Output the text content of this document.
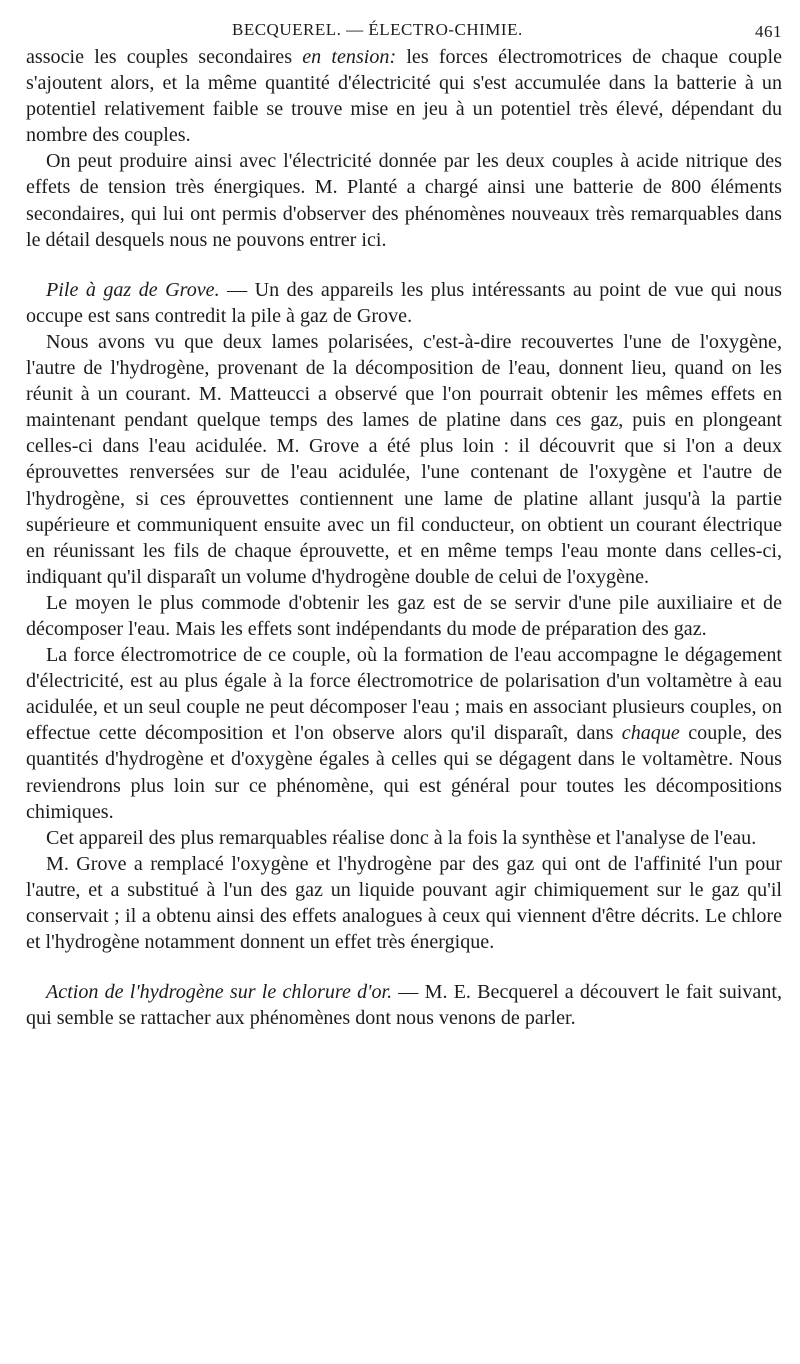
BECQUEREL. — ÉLECTRO-CHIMIE.	461

associe les couples secondaires en tension: les forces électromotrices de chaque couple s'ajoutent alors, et la même quantité d'électricité qui s'est accumulée dans la batterie à un potentiel relativement faible se trouve mise en jeu à un potentiel très élevé, dépendant du nombre des couples.

On peut produire ainsi avec l'électricité donnée par les deux couples à acide nitrique des effets de tension très énergiques. M. Planté a chargé ainsi une batterie de 800 éléments secondaires, qui lui ont permis d'observer des phénomènes nouveaux très remarquables dans le détail desquels nous ne pouvons entrer ici.

Pile à gaz de Grove. — Un des appareils les plus intéressants au point de vue qui nous occupe est sans contredit la pile à gaz de Grove.

Nous avons vu que deux lames polarisées, c'est-à-dire recouvertes l'une de l'oxygène, l'autre de l'hydrogène, provenant de la décomposition de l'eau, donnent lieu, quand on les réunit à un courant. M. Matteucci a observé que l'on pourrait obtenir les mêmes effets en maintenant pendant quelque temps des lames de platine dans ces gaz, puis en plongeant celles-ci dans l'eau acidulée. M. Grove a été plus loin : il découvrit que si l'on a deux éprouvettes renversées sur de l'eau acidulée, l'une contenant de l'oxygène et l'autre de l'hydrogène, si ces éprouvettes contiennent une lame de platine allant jusqu'à la partie supérieure et communiquent ensuite avec un fil conducteur, on obtient un courant électrique en réunissant les fils de chaque éprouvette, et en même temps l'eau monte dans celles-ci, indiquant qu'il disparaît un volume d'hydrogène double de celui de l'oxygène.

Le moyen le plus commode d'obtenir les gaz est de se servir d'une pile auxiliaire et de décomposer l'eau. Mais les effets sont indépendants du mode de préparation des gaz.

La force électromotrice de ce couple, où la formation de l'eau accompagne le dégagement d'électricité, est au plus égale à la force électromotrice de polarisation d'un voltamètre à eau acidulée, et un seul couple ne peut décomposer l'eau ; mais en associant plusieurs couples, on effectue cette décomposition et l'on observe alors qu'il disparaît, dans chaque couple, des quantités d'hydrogène et d'oxygène égales à celles qui se dégagent dans le voltamètre. Nous reviendrons plus loin sur ce phénomène, qui est général pour toutes les décompositions chimiques.

Cet appareil des plus remarquables réalise donc à la fois la synthèse et l'analyse de l'eau.

M. Grove a remplacé l'oxygène et l'hydrogène par des gaz qui ont de l'affinité l'un pour l'autre, et a substitué à l'un des gaz un liquide pouvant agir chimiquement sur le gaz qu'il conservait ; il a obtenu ainsi des effets analogues à ceux qui viennent d'être décrits. Le chlore et l'hydrogène notamment donnent un effet très énergique.

Action de l'hydrogène sur le chlorure d'or. — M. E. Becquerel a découvert le fait suivant, qui semble se rattacher aux phénomènes dont nous venons de parler.
